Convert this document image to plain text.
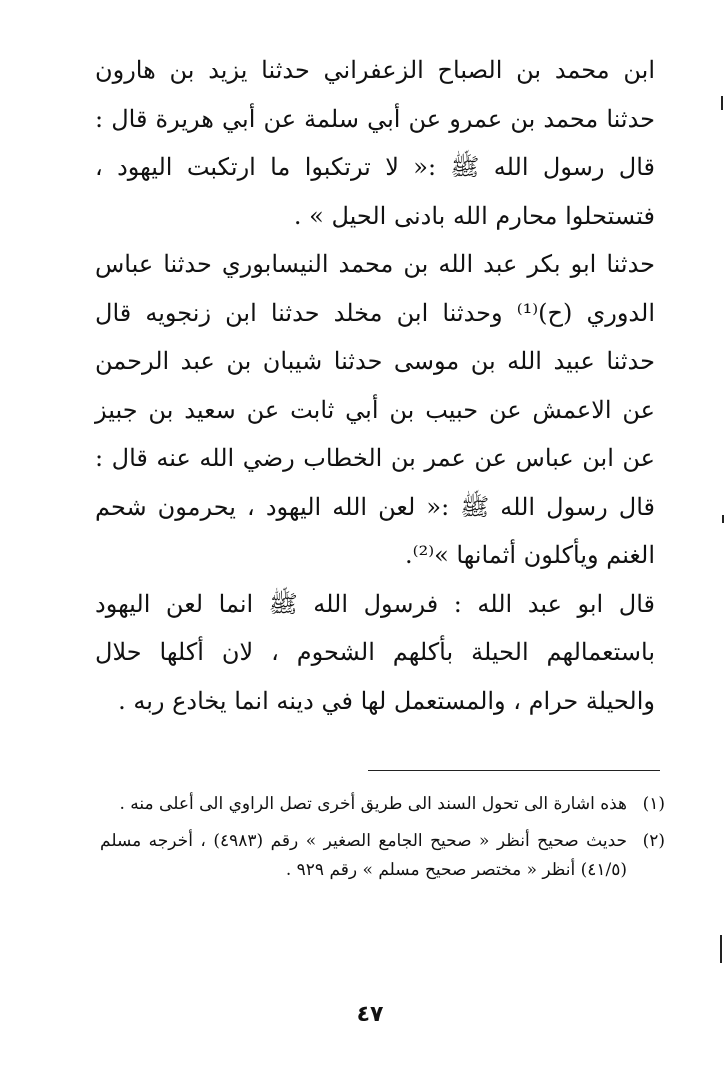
ابن محمد بن الصباح الزعفراني حدثنا يزيد بن هارون حدثنا محمد بن عمرو عن أبي سلمة عن أبي هريرة قال : قال رسول الله ﷺ :« لا ترتكبوا ما ارتكبت اليهود ، فتستحلوا محارم الله بادنى الحيل » .

حدثنا ابو بكر عبد الله بن محمد النيسابوري حدثنا عباس الدوري (ح)⁽¹⁾ وحدثنا ابن مخلد حدثنا ابن زنجويه قال حدثنا عبيد الله بن موسى حدثنا شيبان بن عبد الرحمن عن الاعمش عن حبيب بن أبي ثابت عن سعيد بن جبيز عن ابن عباس عن عمر بن الخطاب رضي الله عنه قال : قال رسول الله ﷺ :« لعن الله اليهود ، يحرمون شحم الغنم ويأكلون أثمانها »⁽²⁾.

قال ابو عبد الله : فرسول الله ﷺ انما لعن اليهود باستعمالهم الحيلة بأكلهم الشحوم ، لان أكلها حلال والحيلة حرام ، والمستعمل لها في دينه انما يخادع ربه .

(١)
هذه اشارة الى تحول السند الى طريق أخرى تصل الراوي الى أعلى منه .
(٢)
حديث صحيح أنظر « صحيح الجامع الصغير » رقم (٤٩٨٣) ، أخرجه مسلم (٤١/٥) أنظر « مختصر صحيح مسلم » رقم ٩٢٩ .
٤٧
